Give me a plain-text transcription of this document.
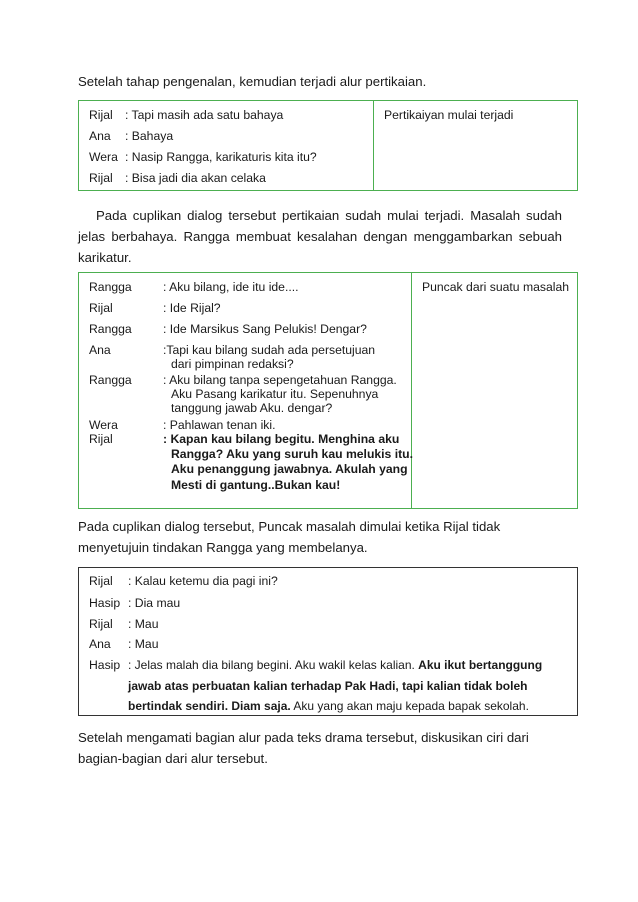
Setelah tahap pengenalan, kemudian terjadi alur pertikaian.
Rijal : Tapi masih ada satu bahaya
Ana : Bahaya
Wera : Nasip Rangga, karikaturis kita itu?
Rijal : Bisa jadi dia akan celaka
Pertikaiyan mulai terjadi
Pada cuplikan dialog tersebut pertikaian sudah mulai terjadi. Masalah sudah
jelas berbahaya. Rangga membuat kesalahan dengan menggambarkan sebuah
karikatur.
Rangga	: Aku bilang, ide itu ide....
Rijal	: Ide Rijal?
Rangga	: Ide Marsikus Sang Pelukis! Dengar?
Ana	:Tapi kau bilang sudah ada persetujuan
dari pimpinan redaksi?
Rangga	: Aku bilang tanpa sepengetahuan Rangga.
Aku Pasang karikatur itu. Sepenuhnya
tanggung jawab Aku. dengar?
Wera	: Pahlawan tenan iki.
Rijal	: Kapan kau bilang begitu. Menghina aku
Rangga? Aku yang suruh kau melukis itu.
Aku penanggung jawabnya. Akulah yang
Mesti di gantung..Bukan kau!
Puncak dari suatu masalah
Pada cuplikan dialog tersebut, Puncak masalah dimulai ketika Rijal tidak
menyetujuin tindakan Rangga yang membelanya.
Rijal : Kalau ketemu dia pagi ini?
Hasip : Dia mau
Rijal : Mau
Ana : Mau
Hasip : Jelas malah dia bilang begini. Aku wakil kelas kalian. Aku ikut bertanggung
jawab atas perbuatan kalian terhadap Pak Hadi, tapi kalian tidak boleh
bertindak sendiri. Diam saja. Aku yang akan maju kepada bapak sekolah.
Setelah mengamati bagian alur pada teks drama tersebut, diskusikan ciri dari
bagian-bagian dari alur tersebut.
